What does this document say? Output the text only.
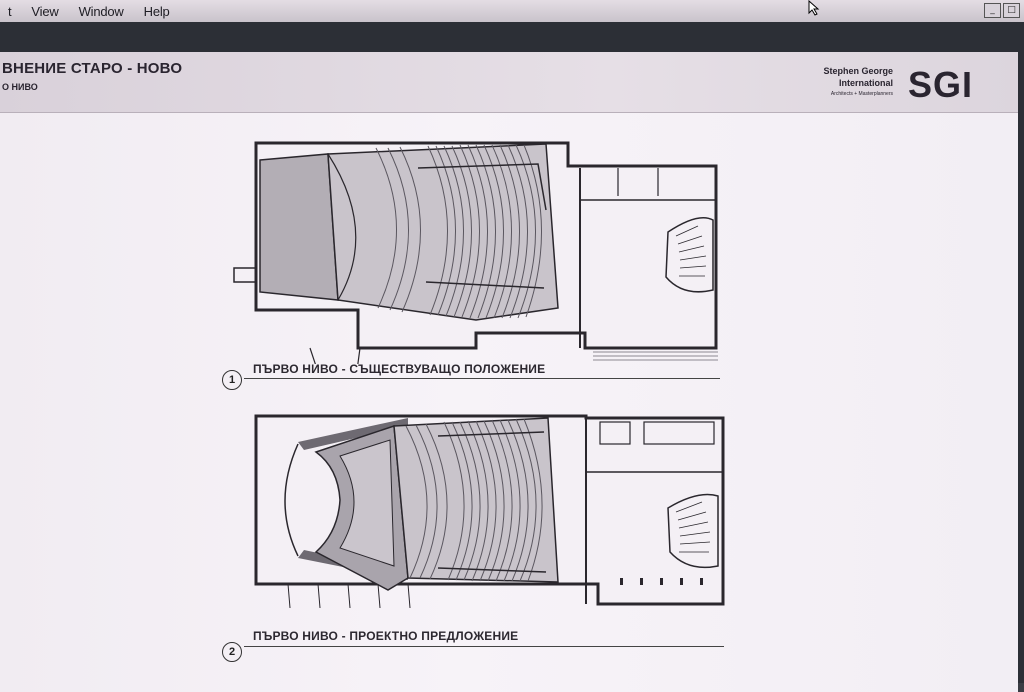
t	View	Window	Help	_	□
ВНЕНИЕ СТАРО - НОВО
О НИВО
Stephen George
International
Architects + Masterplanners SGI
1
ПЪРВО НИВО - СЪЩЕСТВУВАЩО ПОЛОЖЕНИЕ
2
ПЪРВО НИВО - ПРОЕКТНО ПРЕДЛОЖЕНИЕ
